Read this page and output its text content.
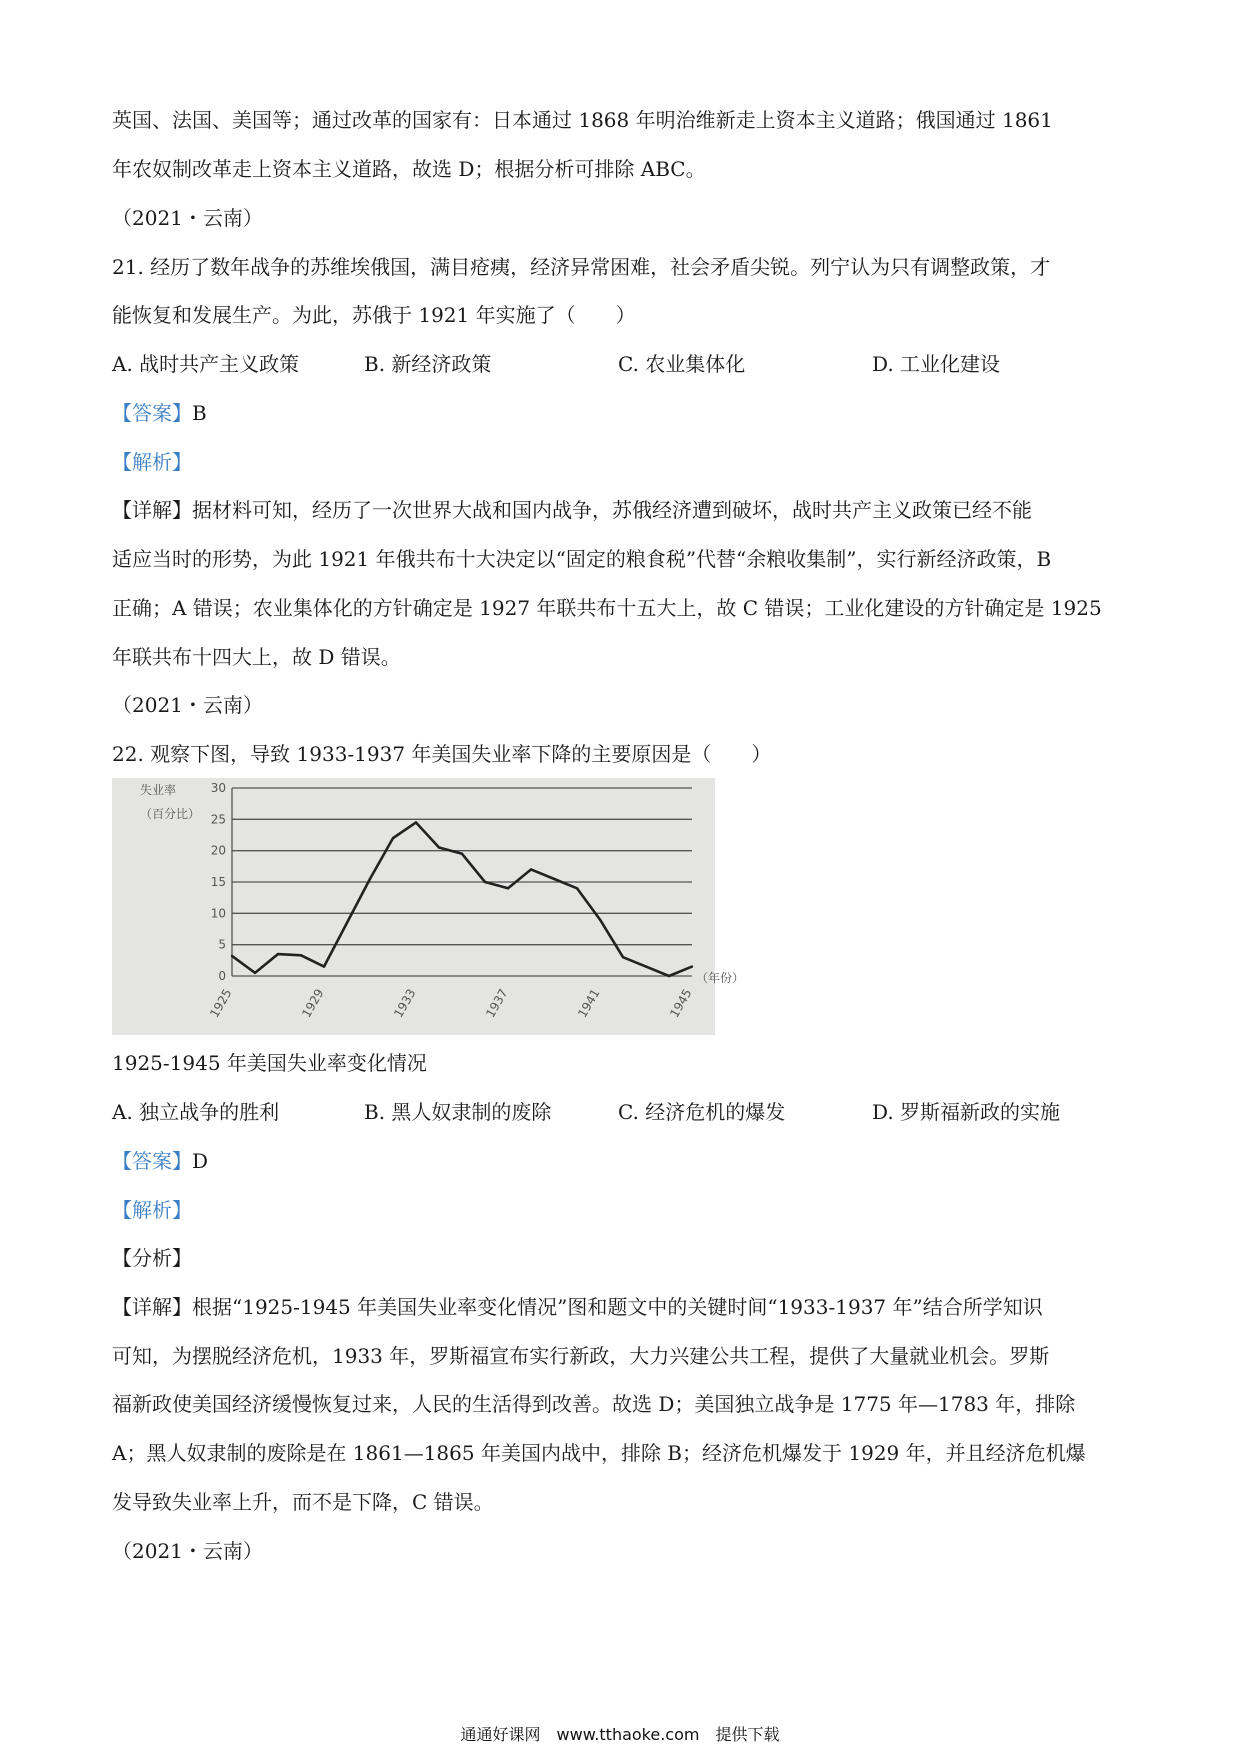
英国、法国、美国等；通过改革的国家有：日本通过 1868 年明治维新走上资本主义道路；俄国通过 1861
年农奴制改革走上资本主义道路，故选 D；根据分析可排除 ABC。
（2021・云南）
21. 经历了数年战争的苏维埃俄国，满目疮痍，经济异常困难，社会矛盾尖锐。列宁认为只有调整政策，才
能恢复和发展生产。为此，苏俄于 1921 年实施了（　　）
A. 战时共产主义政策	B. 新经济政策	C. 农业集体化	D. 工业化建设
【答案】B
【解析】
【详解】据材料可知，经历了一次世界大战和国内战争，苏俄经济遭到破坏，战时共产主义政策已经不能
适应当时的形势，为此 1921 年俄共布十大决定以“固定的粮食税”代替“余粮收集制”，实行新经济政策，B
正确；A 错误；农业集体化的方针确定是 1927 年联共布十五大上，故 C 错误；工业化建设的方针确定是 1925
年联共布十四大上，故 D 错误。
（2021・云南）
22. 观察下图，导致 1933-1937 年美国失业率下降的主要原因是（　　）
0
5
10
15
20
25
30
失业率
（百分比）
1925	1929	1933	1937	1941	1945
（年份）
1925-1945 年美国失业率变化情况
A. 独立战争的胜利	B. 黑人奴隶制的废除	C. 经济危机的爆发	D. 罗斯福新政的实施
【答案】D
【解析】
【分析】
【详解】根据“1925-1945 年美国失业率变化情况”图和题文中的关键时间“1933-1937 年”结合所学知识
可知，为摆脱经济危机，1933 年，罗斯福宣布实行新政，大力兴建公共工程，提供了大量就业机会。罗斯
福新政使美国经济缓慢恢复过来，人民的生活得到改善。故选 D；美国独立战争是 1775 年—1783 年，排除
A；黑人奴隶制的废除是在 1861—1865 年美国内战中，排除 B；经济危机爆发于 1929 年，并且经济危机爆
发导致失业率上升，而不是下降，C 错误。
（2021・云南）
通通好课网　www.tthaoke.com　提供下载
